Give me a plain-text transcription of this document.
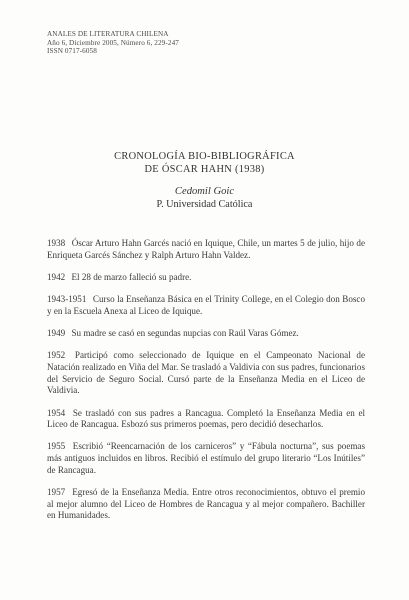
ANALES DE LITERATURA CHILENA
Año 6, Diciembre 2005, Número 6, 229-247
ISSN 0717-6058
CRONOLOGÍA BIO-BIBLIOGRÁFICA
DE ÓSCAR HAHN (1938)
Cedomil Goic
P. Universidad Católica

1938 Óscar Arturo Hahn Garcés nació en Iquique, Chile, un martes 5 de julio, hijo de Enriqueta Garcés Sánchez y Ralph Arturo Hahn Valdez.

1942 El 28 de marzo falleció su padre.

1943-1951 Curso la Enseñanza Básica en el Trinity College, en el Colegio don Bosco y en la Escuela Anexa al Liceo de Iquique.

1949 Su madre se casó en segundas nupcias con Raúl Varas Gómez.

1952 Participó como seleccionado de Iquique en el Campeonato Nacional de Natación realizado en Viña del Mar. Se trasladó a Valdivia con sus padres, funcionarios del Servicio de Seguro Social. Cursó parte de la Enseñanza Media en el Liceo de Valdivia.

1954 Se trasladó con sus padres a Rancagua. Completó la Enseñanza Media en el Liceo de Rancagua. Esbozó sus primeros poemas, pero decidió desecharlos.

1955 Escribió “Reencarnación de los carniceros” y “Fábula nocturna”, sus poemas más antiguos incluidos en libros. Recibió el estímulo del grupo literario “Los Inútiles” de Rancagua.

1957 Egresó de la Enseñanza Media. Entre otros reconocimientos, obtuvo el premio al mejor alumno del Liceo de Hombres de Rancagua y al mejor compañero. Bachiller en Humanidades.
